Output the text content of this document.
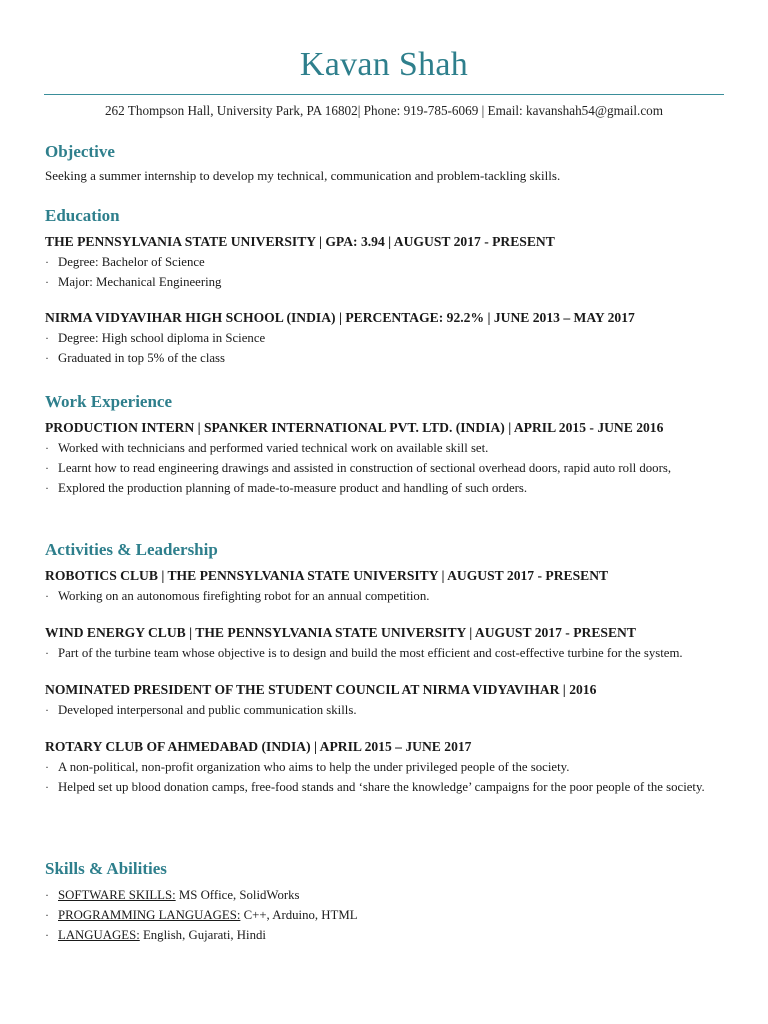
Kavan Shah
262 Thompson Hall, University Park, PA 16802| Phone: 919-785-6069 | Email: kavanshah54@gmail.com
Objective

Seeking a summer internship to develop my technical, communication and problem-tackling skills.

Education

THE PENNSYLVANIA STATE UNIVERSITY | GPA: 3.94 | AUGUST 2017 - PRESENT

· Degree: Bachelor of Science
· Major: Mechanical Engineering

NIRMA VIDYAVIHAR HIGH SCHOOL (INDIA) | PERCENTAGE: 92.2% | JUNE 2013 – MAY 2017

· Degree: High school diploma in Science
· Graduated in top 5% of the class
Work Experience

PRODUCTION INTERN | SPANKER INTERNATIONAL PVT. LTD. (INDIA) | APRIL 2015 - JUNE 2016

· Worked with technicians and performed varied technical work on available skill set.
· Learnt how to read engineering drawings and assisted in construction of sectional overhead doors, rapid auto roll doors,
· Explored the production planning of made-to-measure product and handling of such orders.
Activities & Leadership

ROBOTICS CLUB | THE PENNSYLVANIA STATE UNIVERSITY | AUGUST 2017 - PRESENT

· Working on an autonomous firefighting robot for an annual competition.

WIND ENERGY CLUB | THE PENNSYLVANIA STATE UNIVERSITY | AUGUST 2017 - PRESENT

· Part of the turbine team whose objective is to design and build the most efficient and cost-effective turbine for the system.

NOMINATED PRESIDENT OF THE STUDENT COUNCIL AT NIRMA VIDYAVIHAR | 2016

· Developed interpersonal and public communication skills.

ROTARY CLUB OF AHMEDABAD (INDIA) | APRIL 2015 – JUNE 2017

· A non-political, non-profit organization who aims to help the under privileged people of the society.
· Helped set up blood donation camps, free-food stands and ‘share the knowledge’ campaigns for the poor people of the society.
Skills & Abilities
· SOFTWARE SKILLS: MS Office, SolidWorks
· PROGRAMMING LANGUAGES: C++, Arduino, HTML
· LANGUAGES: English, Gujarati, Hindi
